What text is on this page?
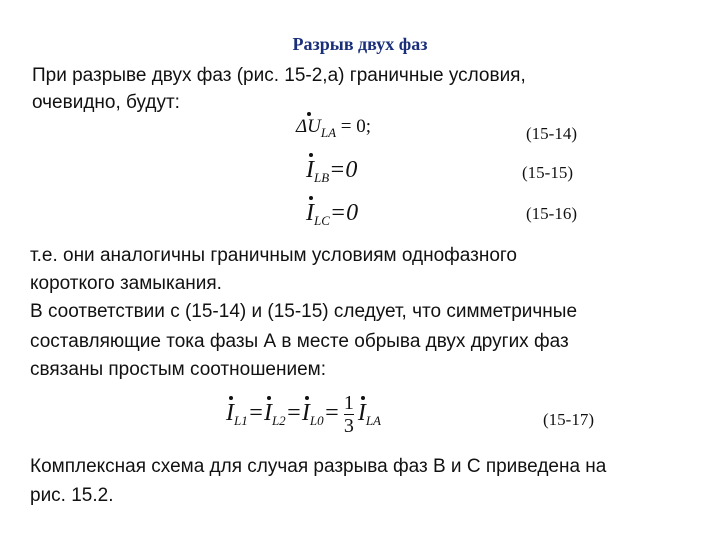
Разрыв двух фаз
При разрыве двух фаз (рис. 15-2,а) граничные условия,
очевидно, будут:
$\Delta U_{LA} = 0$;	(15-14)
$I_{LB}=0$	(15-15)
$I_{LC}=0$	(15-16)
т.е. они аналогичны граничным условиям однофазного
короткого замыкания.
В соответствии с (15-14) и (15-15) следует, что симметричные
составляющие тока фазы А в месте обрыва двух других фаз
связаны простым соотношением:
$I_{L1}=I_{L2}=I_{L0}= \frac{1}{3} I_{LA}$	(15-17)
Комплексная схема для случая разрыва фаз В и С приведена на
рис. 15.2.
